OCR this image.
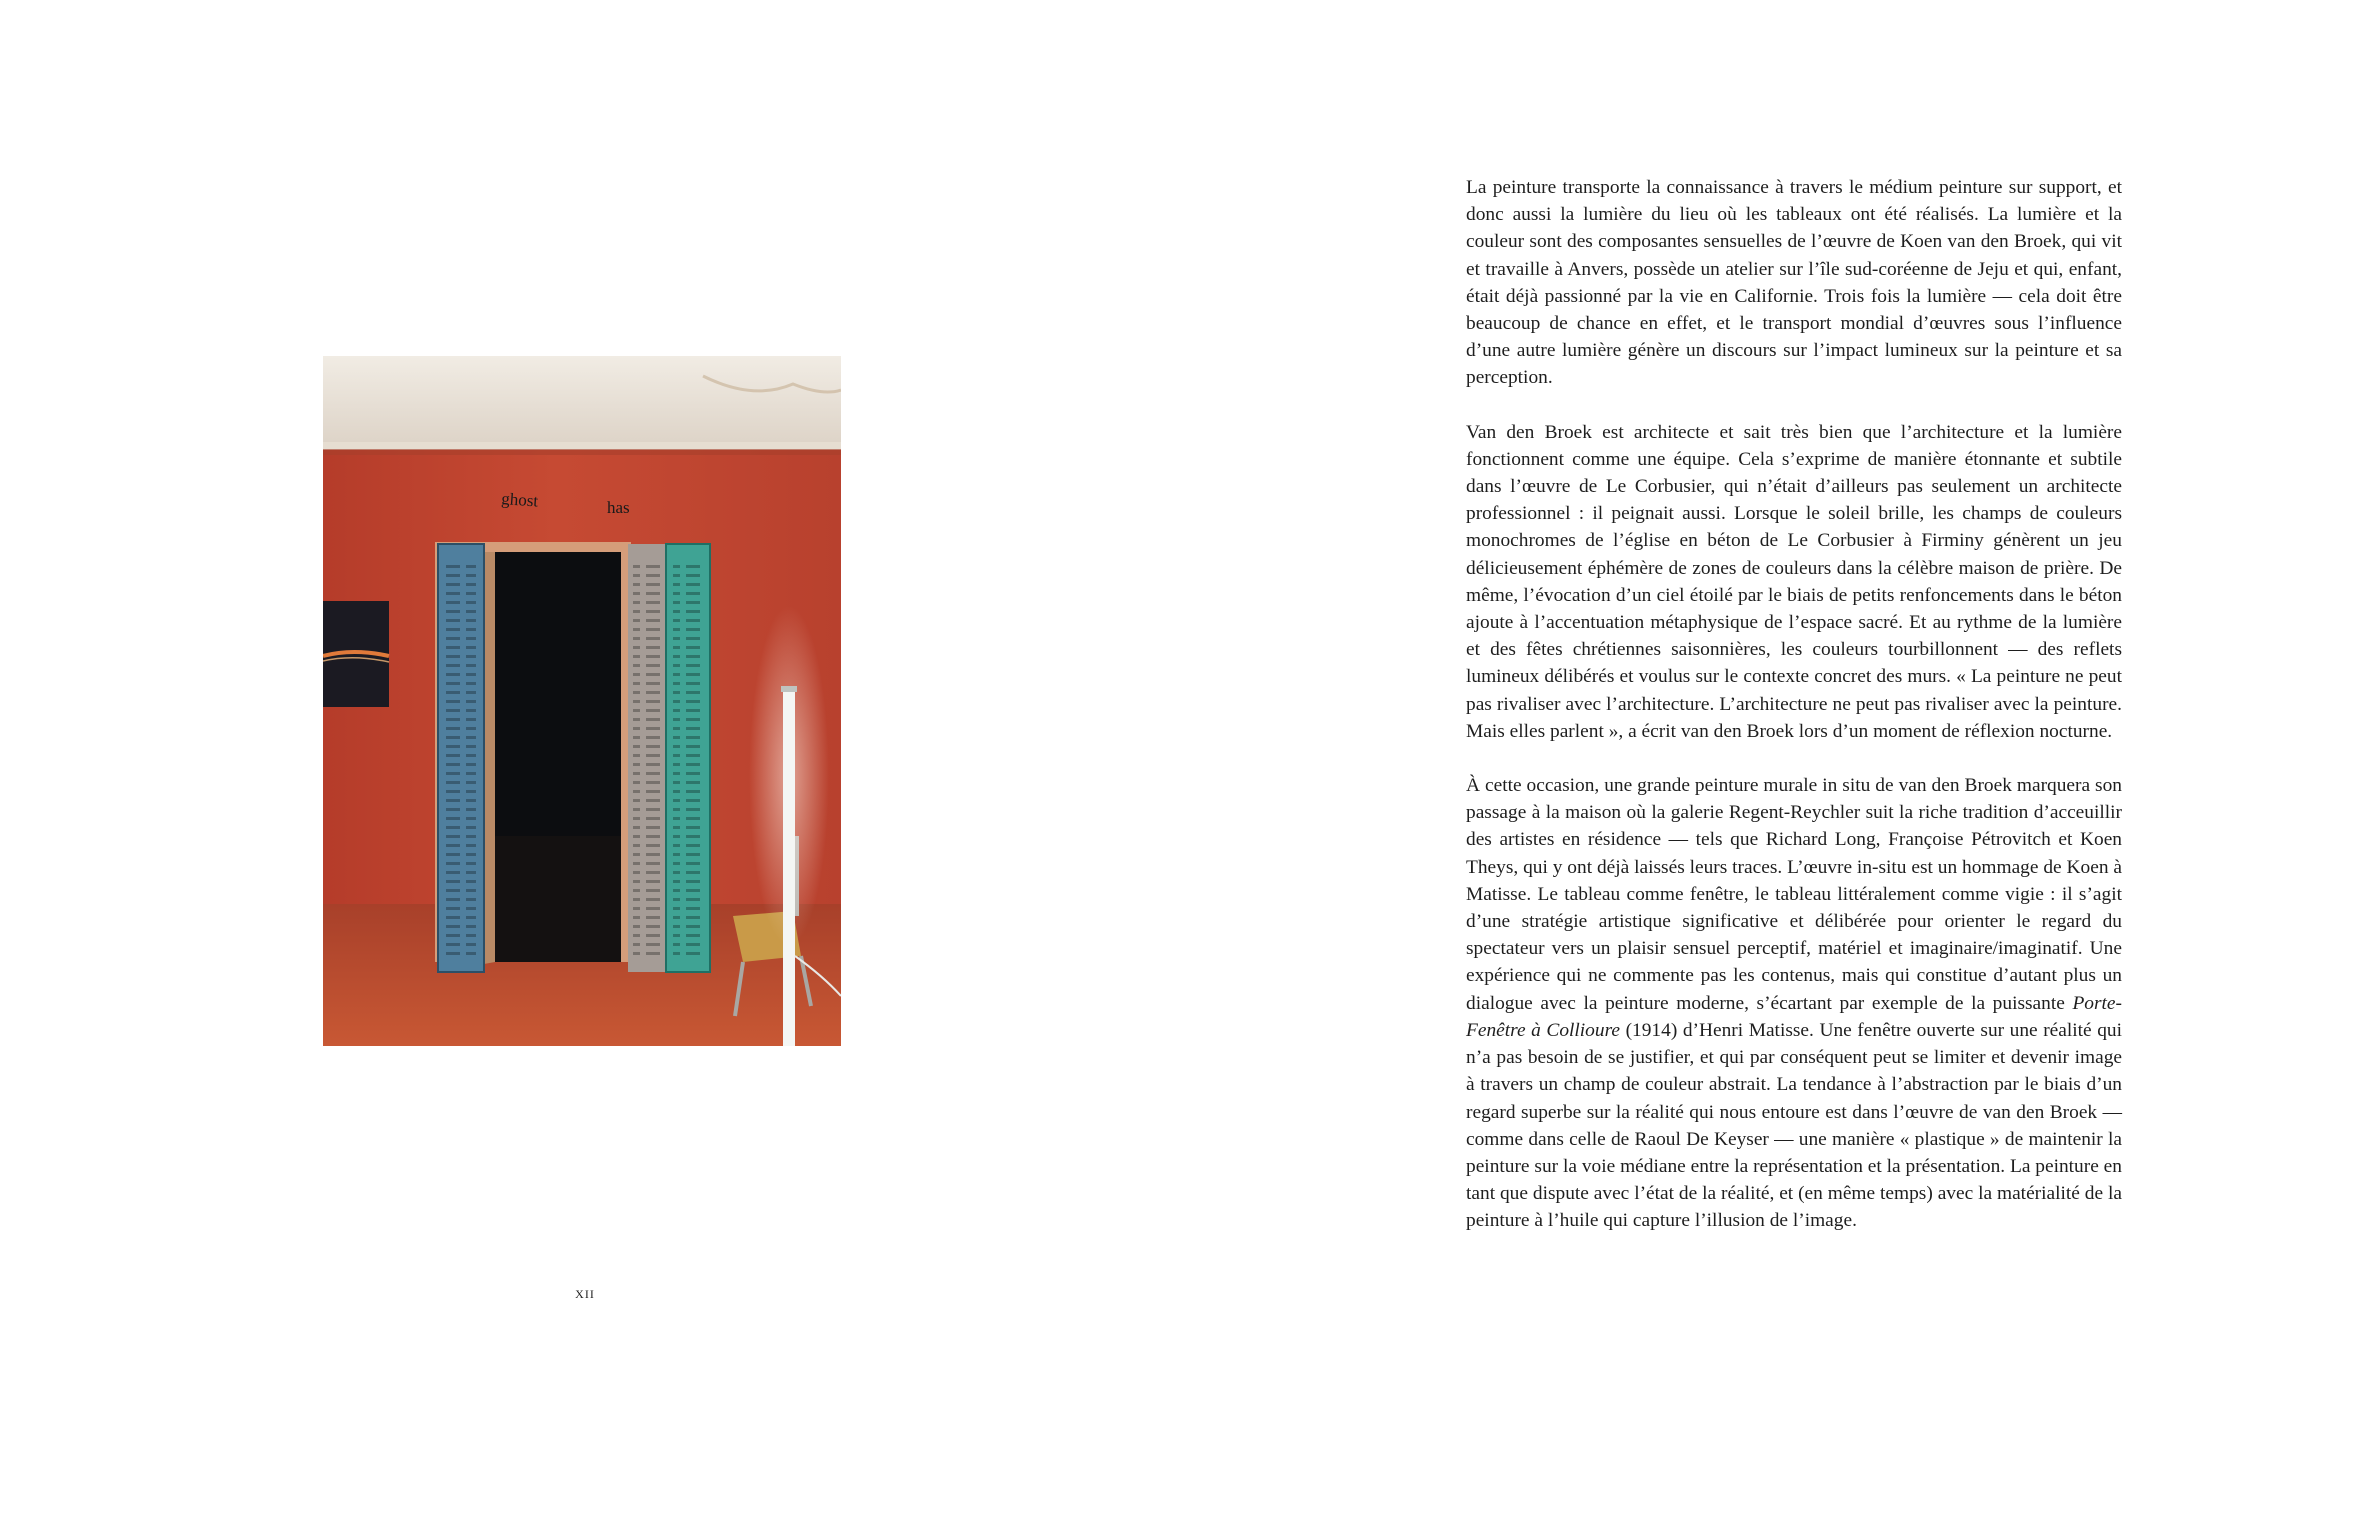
ghost	has
xii

La peinture transporte la connaissance à travers le médium peinture sur support, et donc aussi la lumière du lieu où les tableaux ont été réalisés. La lumière et la couleur sont des composantes sensuelles de l’œuvre de Koen van den Broek, qui vit et travaille à Anvers, possède un atelier sur l’île sud-coréenne de Jeju et qui, enfant, était déjà passionné par la vie en Californie. Trois fois la lumière — cela doit être beaucoup de chance en effet, et le transport mondial d’œuvres sous l’influence d’une autre lumière génère un discours sur l’impact lumineux sur la peinture et sa perception.

Van den Broek est architecte et sait très bien que l’architecture et la lumière fonctionnent comme une équipe. Cela s’exprime de manière étonnante et subtile dans l’œuvre de Le Corbusier, qui n’était d’ailleurs pas seulement un architecte professionnel : il peignait aussi. Lorsque le soleil brille, les champs de couleurs monochromes de l’église en béton de Le Corbusier à Firminy génèrent un jeu délicieusement éphémère de zones de couleurs dans la célèbre maison de prière. De même, l’évocation d’un ciel étoilé par le biais de petits renfoncements dans le béton ajoute à l’accentuation métaphysique de l’espace sacré. Et au rythme de la lumière et des fêtes chrétiennes saisonnières, les couleurs tourbillonnent — des reflets lumineux délibérés et voulus sur le contexte concret des murs. « La peinture ne peut pas rivaliser avec l’architecture. L’architecture ne peut pas rivaliser avec la peinture. Mais elles parlent », a écrit van den Broek lors d’un moment de réflexion nocturne.

À cette occasion, une grande peinture murale in situ de van den Broek marquera son passage à la maison où la galerie Regent-Reychler suit la riche tradition d’acceuillir des artistes en résidence — tels que Richard Long, Françoise Pétrovitch et Koen Theys, qui y ont déjà laissés leurs traces. L’œuvre in-situ est un hommage de Koen à Matisse. Le tableau comme fenêtre, le tableau littéralement comme vigie : il s’agit d’une stratégie artistique significative et délibérée pour orienter le regard du spectateur vers un plaisir sensuel perceptif, matériel et imaginaire/imaginatif. Une expérience qui ne commente pas les contenus, mais qui constitue d’autant plus un dialogue avec la peinture moderne, s’écartant par exemple de la puissante Porte-Fenêtre à Collioure (1914) d’Henri Matisse. Une fenêtre ouverte sur une réalité qui n’a pas besoin de se justifier, et qui par conséquent peut se limiter et devenir image à travers un champ de couleur abstrait. La tendance à l’abstraction par le biais d’un regard superbe sur la réalité qui nous entoure est dans l’œuvre de van den Broek — comme dans celle de Raoul De Keyser — une manière « plastique » de maintenir la peinture sur la voie médiane entre la représentation et la présentation. La peinture en tant que dispute avec l’état de la réalité, et (en même temps) avec la matérialité de la peinture à l’huile qui capture l’illusion de l’image.
